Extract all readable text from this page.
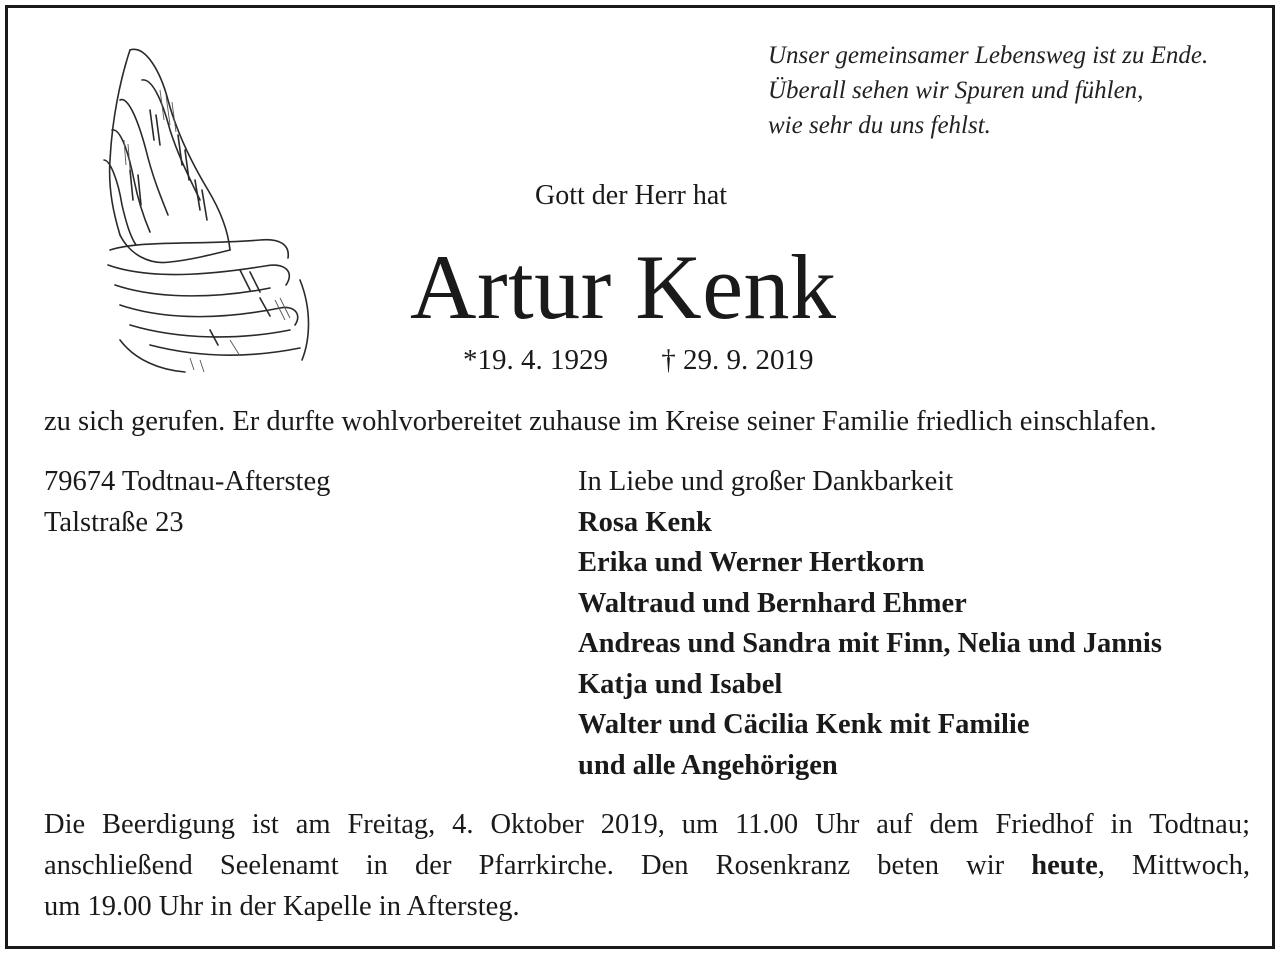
Unser gemeinsamer Lebensweg ist zu Ende.
Überall sehen wir Spuren und fühlen,
wie sehr du uns fehlst.
Gott der Herr hat
Artur Kenk
*19. 4. 1929 † 29. 9. 2019
zu sich gerufen. Er durfte wohlvorbereitet zuhause im Kreise seiner Familie friedlich einschlafen.
79674 Todtnau-Aftersteg
Talstraße 23
In Liebe und großer Dankbarkeit
Rosa Kenk
Erika und Werner Hertkorn
Waltraud und Bernhard Ehmer
Andreas und Sandra mit Finn, Nelia und Jannis
Katja und Isabel
Walter und Cäcilia Kenk mit Familie
und alle Angehörigen
Die Beerdigung ist am Freitag, 4. Oktober 2019, um 11.00 Uhr auf dem Friedhof in Todtnau;
anschließend Seelenamt in der Pfarrkirche. Den Rosenkranz beten wir heute, Mittwoch,
um 19.00 Uhr in der Kapelle in Aftersteg.
